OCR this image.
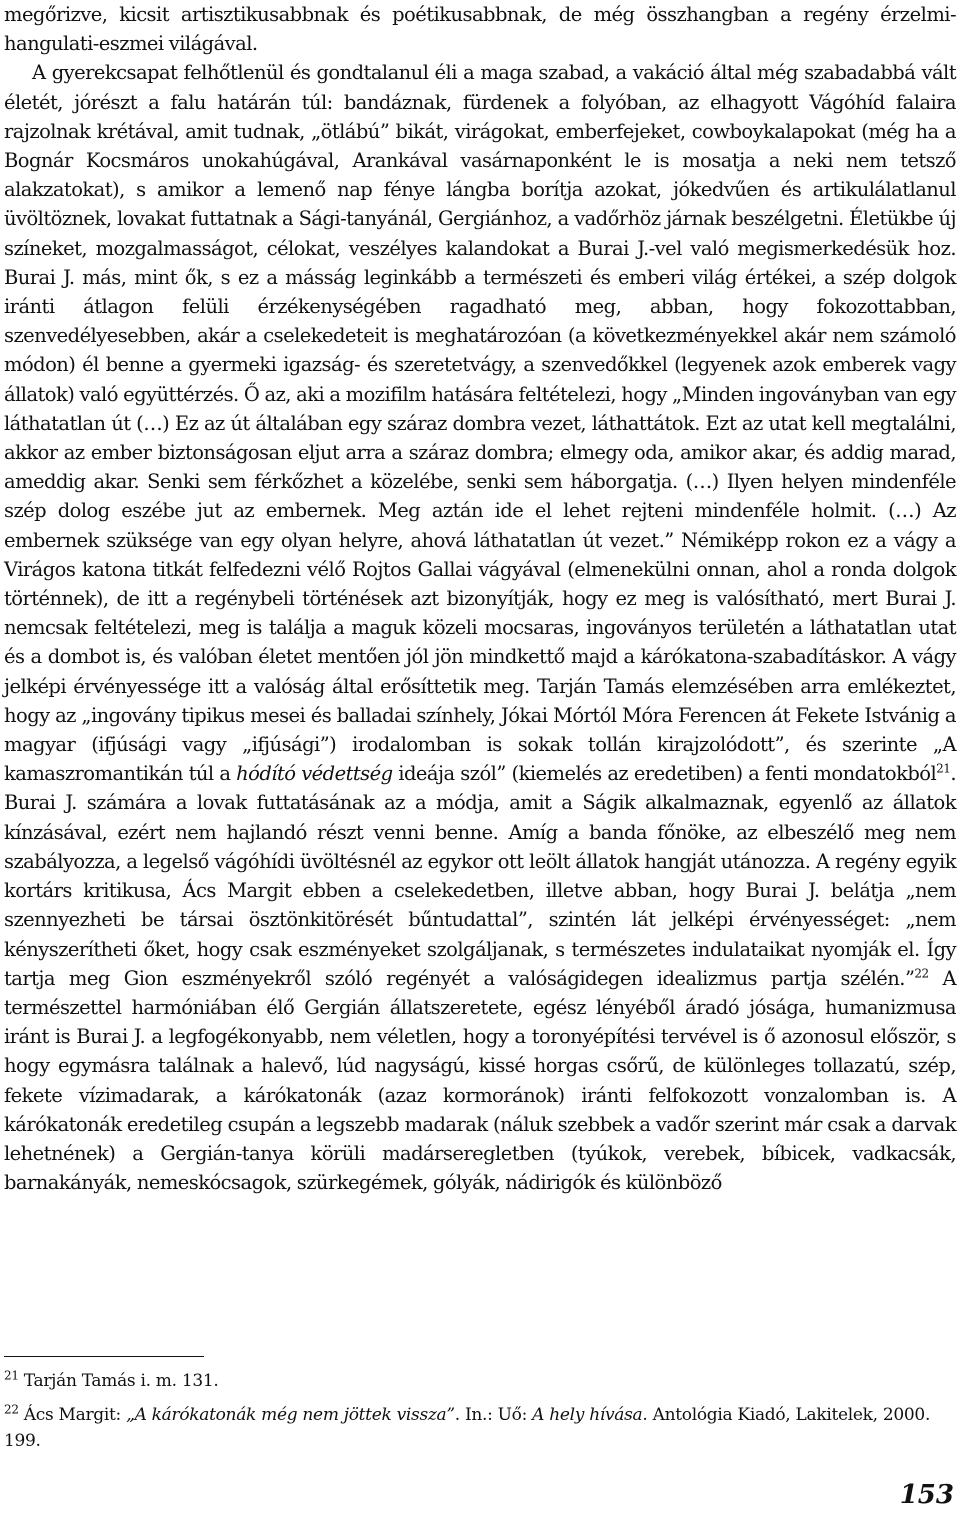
megőrizve, kicsit artisztikusabbnak és poétikusabbnak, de még összhangban a regény érzelmi-hangulati-eszmei világával.

A gyerekcsapat felhőtlenül és gondtalanul éli a maga szabad, a vakáció által még szabadabbá vált életét, jórészt a falu határán túl: bandáznak, fürdenek a folyóban, az elhagyott Vágóhíd falaira rajzolnak krétával, amit tudnak, „ötlábú” bikát, virágokat, emberfejeket, cowboykalapokat (még ha a Bognár Kocsmáros unokahúgával, Arankával vasárnaponként le is mosatja a neki nem tetsző alakzatokat), s amikor a lemenő nap fénye lángba borítja azokat, jókedvűen és artikulálatlanul üvöltöznek, lovakat futtatnak a Sági-tanyánál, Gergiánhoz, a vadőrhöz járnak beszélgetni. Életükbe új színeket, mozgalmasságot, célokat, veszélyes kalandokat a Burai J.-vel való megismerkedésük hoz. Burai J. más, mint ők, s ez a másság leginkább a természeti és emberi világ értékei, a szép dolgok iránti átlagon felüli érzékenységében ragadható meg, abban, hogy fokozottabban, szenvedélyesebben, akár a cselekedeteit is meghatározóan (a következményekkel akár nem számoló módon) él benne a gyermeki igazság- és szeretetvágy, a szenvedőkkel (legyenek azok emberek vagy állatok) való együttérzés. Ő az, aki a mozifilm hatására feltételezi, hogy „Minden ingoványban van egy láthatatlan út (…) Ez az út általában egy száraz dombra vezet, láthattátok. Ezt az utat kell megtalálni, akkor az ember biztonságosan eljut arra a száraz dombra; elmegy oda, amikor akar, és addig marad, ameddig akar. Senki sem férkőzhet a közelébe, senki sem háborgatja. (…) Ilyen helyen mindenféle szép dolog eszébe jut az embernek. Meg aztán ide el lehet rejteni mindenféle holmit. (…) Az embernek szüksége van egy olyan helyre, ahová láthatatlan út vezet.” Némiképp rokon ez a vágy a Virágos katona titkát felfedezni vélő Rojtos Gallai vágyával (elmenekülni onnan, ahol a ronda dolgok történnek), de itt a regénybeli történések azt bizonyítják, hogy ez meg is valósítható, mert Burai J. nemcsak feltételezi, meg is találja a maguk közeli mocsaras, ingoványos területén a láthatatlan utat és a dombot is, és valóban életet mentően jól jön mindkettő majd a kárókatona-szabadításkor. A vágy jelképi érvényessége itt a valóság által erősíttetik meg. Tarján Tamás elemzésében arra emlékeztet, hogy az „ingovány tipikus mesei és balladai színhely, Jókai Mórtól Móra Ferencen át Fekete Istvánig a magyar (ifjúsági vagy „ifjúsági”) irodalomban is sokak tollán kirajzolódott”, és szerinte „A kamaszromantikán túl a hódító védettség ideája szól” (kiemelés az eredetiben) a fenti mondatokból$^{21}$. Burai J. számára a lovak futtatásának az a módja, amit a Ságik alkalmaznak, egyenlő az állatok kínzásával, ezért nem hajlandó részt venni benne. Amíg a banda főnöke, az elbeszélő meg nem szabályozza, a legelső vágóhídi üvöltésnél az egykor ott leölt állatok hangját utánozza. A regény egyik kortárs kritikusa, Ács Margit ebben a cselekedetben, illetve abban, hogy Burai J. belátja „nem szennyezheti be társai ösztönkitörését bűntudattal”, szintén lát jelképi érvényességet: „nem kényszerítheti őket, hogy csak eszményeket szolgáljanak, s természetes indulataikat nyomják el. Így tartja meg Gion eszményekről szóló regényét a valóságidegen idealizmus partja szélén.”$^{22}$ A természettel harmóniában élő Gergián állatszeretete, egész lényéből áradó jósága, humanizmusa iránt is Burai J. a legfogékonyabb, nem véletlen, hogy a toronyépítési tervével is ő azonosul először, s hogy egymásra találnak a halevő, lúd nagyságú, kissé horgas csőrű, de különleges tollazatú, szép, fekete vízimadarak, a kárókatonák (azaz kormoránok) iránti felfokozott vonzalomban is. A kárókatonák eredetileg csupán a legszebb madarak (náluk szebbek a vadőr szerint már csak a darvak lehetnének) a Gergián-tanya körüli madárseregletben (tyúkok, verebek, bíbicek, vadkacsák, barnakányák, nemeskócsagok, szürkegémek, gólyák, nádirigók és különböző

$^{21}$ Tarján Tamás i. m. 131.

$^{22}$ Ács Margit: „A kárókatonák még nem jöttek vissza”. In.: Uő: A hely hívása. Antológia Kiadó, Lakitelek, 2000. 199.

153
